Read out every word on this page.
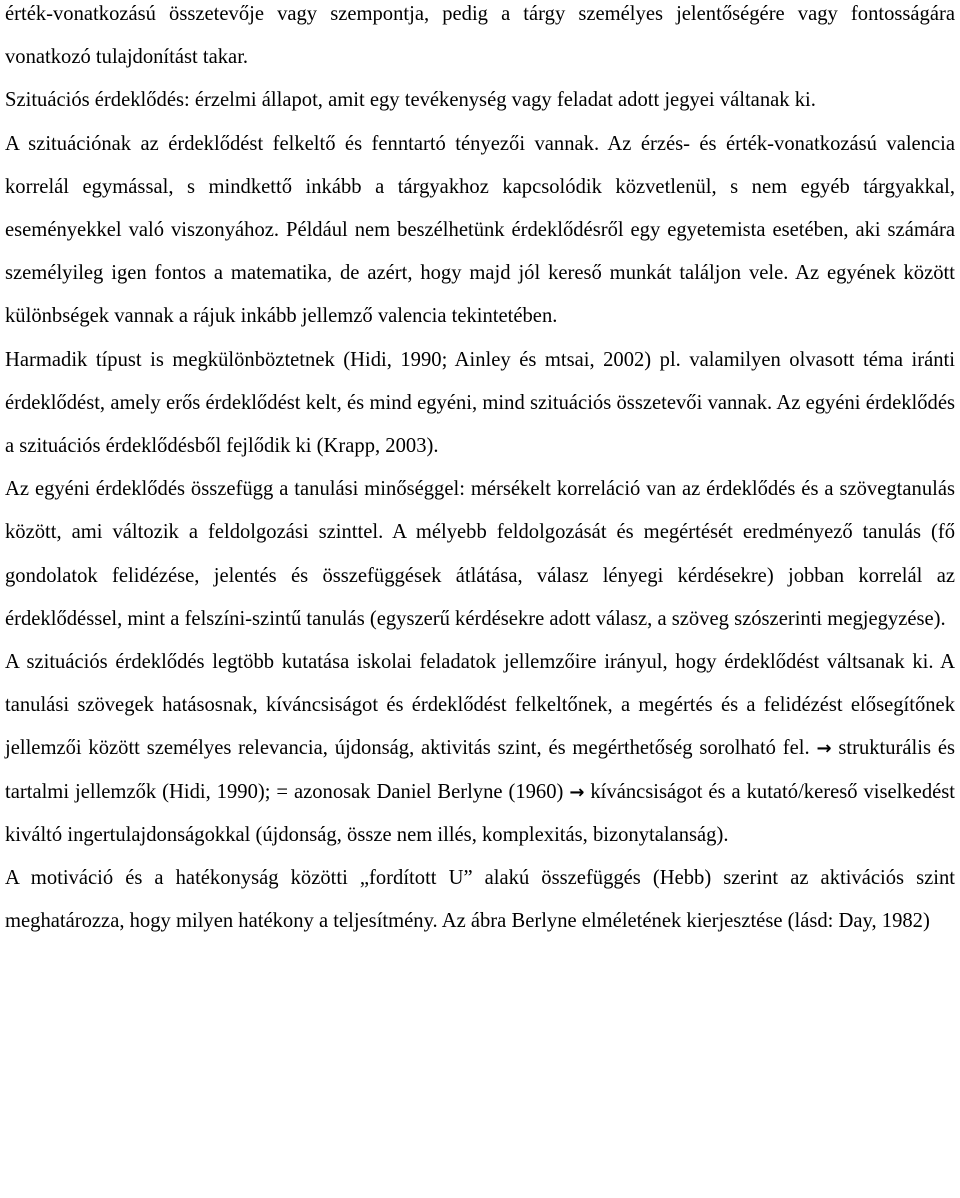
érték-vonatkozású összetevője vagy szempontja, pedig a tárgy személyes jelentőségére vagy fontosságára vonatkozó tulajdonítást takar.

Szituációs érdeklődés: érzelmi állapot, amit egy tevékenység vagy feladat adott jegyei váltanak ki.

A szituációnak az érdeklődést felkeltő és fenntartó tényezői vannak. Az érzés- és érték-vonatkozású valencia korrelál egymással, s mindkettő inkább a tárgyakhoz kapcsolódik közvetlenül, s nem egyéb tárgyakkal, eseményekkel való viszonyához. Például nem beszélhetünk érdeklődésről egy egyetemista esetében, aki számára személyileg igen fontos a matematika, de azért, hogy majd jól kereső munkát találjon vele. Az egyének között különbségek vannak a rájuk inkább jellemző valencia tekintetében.

Harmadik típust is megkülönböztetnek (Hidi, 1990; Ainley és mtsai, 2002) pl. valamilyen olvasott téma iránti érdeklődést, amely erős érdeklődést kelt, és mind egyéni, mind szituációs összetevői vannak. Az egyéni érdeklődés a szituációs érdeklődésből fejlődik ki (Krapp, 2003).

Az egyéni érdeklődés összefügg a tanulási minőséggel: mérsékelt korreláció van az érdeklődés és a szövegtanulás között, ami változik a feldolgozási szinttel. A mélyebb feldolgozását és megértését eredményező tanulás (fő gondolatok felidézése, jelentés és összefüggések átlátása, válasz lényegi kérdésekre) jobban korrelál az érdeklődéssel, mint a felszíni-szintű tanulás (egyszerű kérdésekre adott válasz, a szöveg szószerinti megjegyzése).

A szituációs érdeklődés legtöbb kutatása iskolai feladatok jellemzőire irányul, hogy érdeklődést váltsanak ki. A tanulási szövegek hatásosnak, kíváncsiságot és érdeklődést felkeltőnek, a megértés és a felidézést elősegítőnek jellemzői között személyes relevancia, újdonság, aktivitás szint, és megérthetőség sorolható fel. → strukturális és tartalmi jellemzők (Hidi, 1990); = azonosak Daniel Berlyne (1960) → kíváncsiságot és a kutató/kereső viselkedést kiváltó ingertulajdonságokkal (újdonság, össze nem illés, komplexitás, bizonytalanság).

A motiváció és a hatékonyság közötti „fordított U” alakú összefüggés (Hebb) szerint az aktivációs szint meghatározza, hogy milyen hatékony a teljesítmény. Az ábra Berlyne elméletének kierjesztése (lásd: Day, 1982)
